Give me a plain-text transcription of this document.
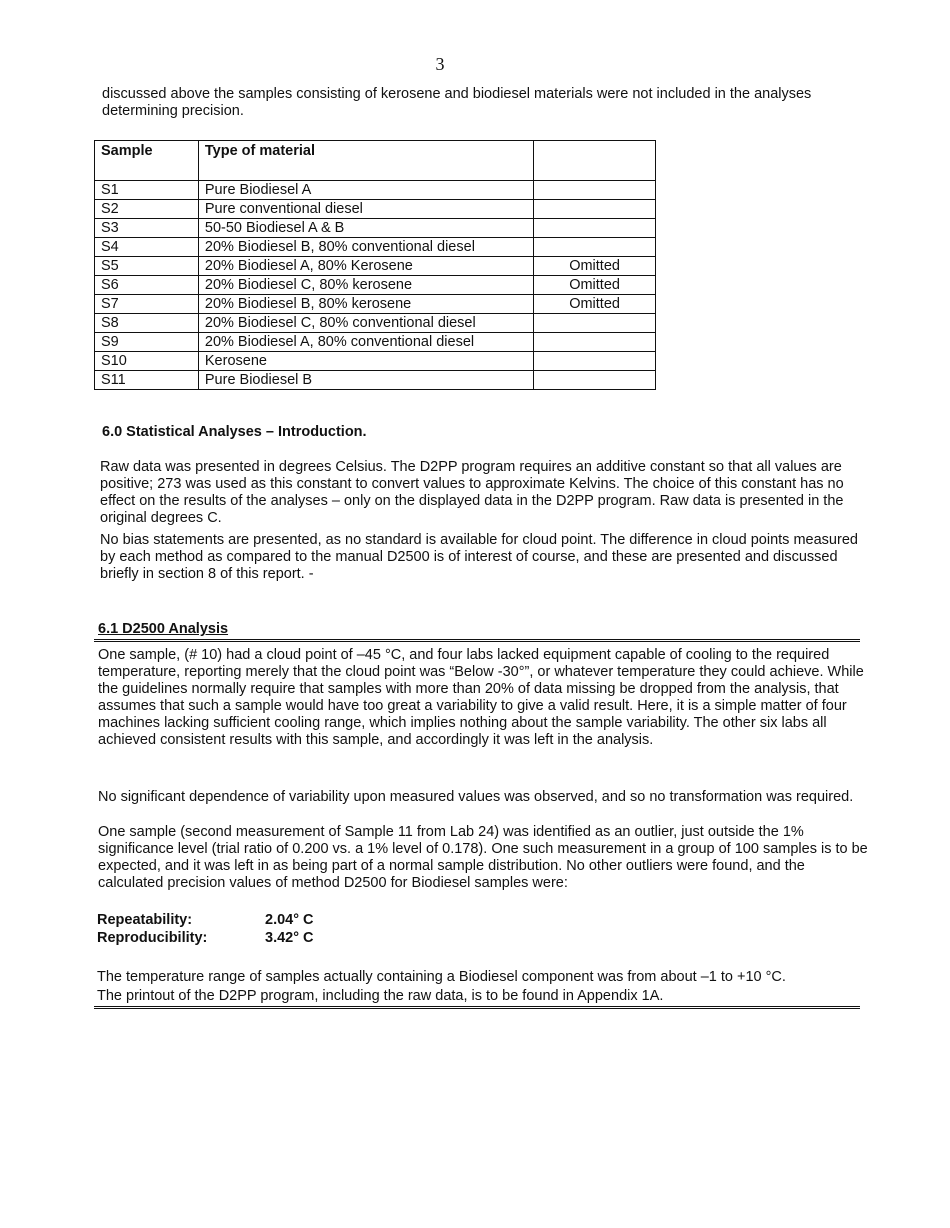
3
discussed above the samples consisting of kerosene and biodiesel materials were not included in the analyses determining precision.
Sample	Type of material	
S1	Pure Biodiesel A	
S2	Pure conventional diesel	
S3	50-50 Biodiesel A & B	
S4	20% Biodiesel B, 80% conventional diesel	
S5	20% Biodiesel A, 80% Kerosene	Omitted
S6	20% Biodiesel C, 80% kerosene	Omitted
S7	20% Biodiesel B, 80% kerosene	Omitted
S8	20% Biodiesel C, 80% conventional diesel	
S9	20% Biodiesel A, 80% conventional diesel	
S10	Kerosene	
S11	Pure Biodiesel B	
6.0 Statistical Analyses – Introduction.
Raw data was presented in degrees Celsius. The D2PP program requires an additive constant so that all values are positive; 273 was used as this constant to convert values to approximate Kelvins. The choice of this constant has no effect on the results of the analyses – only on the displayed data in the D2PP program. Raw data is presented in the original degrees C.
No bias statements are presented, as no standard is available for cloud point. The difference in cloud points measured by each method as compared to the manual D2500 is of interest of course, and these are presented and discussed briefly in section 8 of this report. -
6.1 D2500 Analysis
One sample, (# 10) had a cloud point of –45 °C, and four labs lacked equipment capable of cooling to the required temperature, reporting merely that the cloud point was “Below -30°”, or whatever temperature they could achieve. While the guidelines normally require that samples with more than 20% of data missing be dropped from the analysis, that assumes that such a sample would have too great a variability to give a valid result. Here, it is a simple matter of four machines lacking sufficient cooling range, which implies nothing about the sample variability. The other six labs all achieved consistent results with this sample, and accordingly it was left in the analysis.
No significant dependence of variability upon measured values was observed, and so no transformation was required.
One sample (second measurement of Sample 11 from Lab 24) was identified as an outlier, just outside the 1% significance level (trial ratio of 0.200 vs. a 1% level of 0.178). One such measurement in a group of 100 samples is to be expected, and it was left in as being part of a normal sample distribution. No other outliers were found, and the calculated precision values of method D2500 for Biodiesel samples were:
Repeatability:	2.04° C
Reproducibility:	3.42° C
The temperature range of samples actually containing a Biodiesel component was from about –1 to +10 °C.
The printout of the D2PP program, including the raw data, is to be found in Appendix 1A.
